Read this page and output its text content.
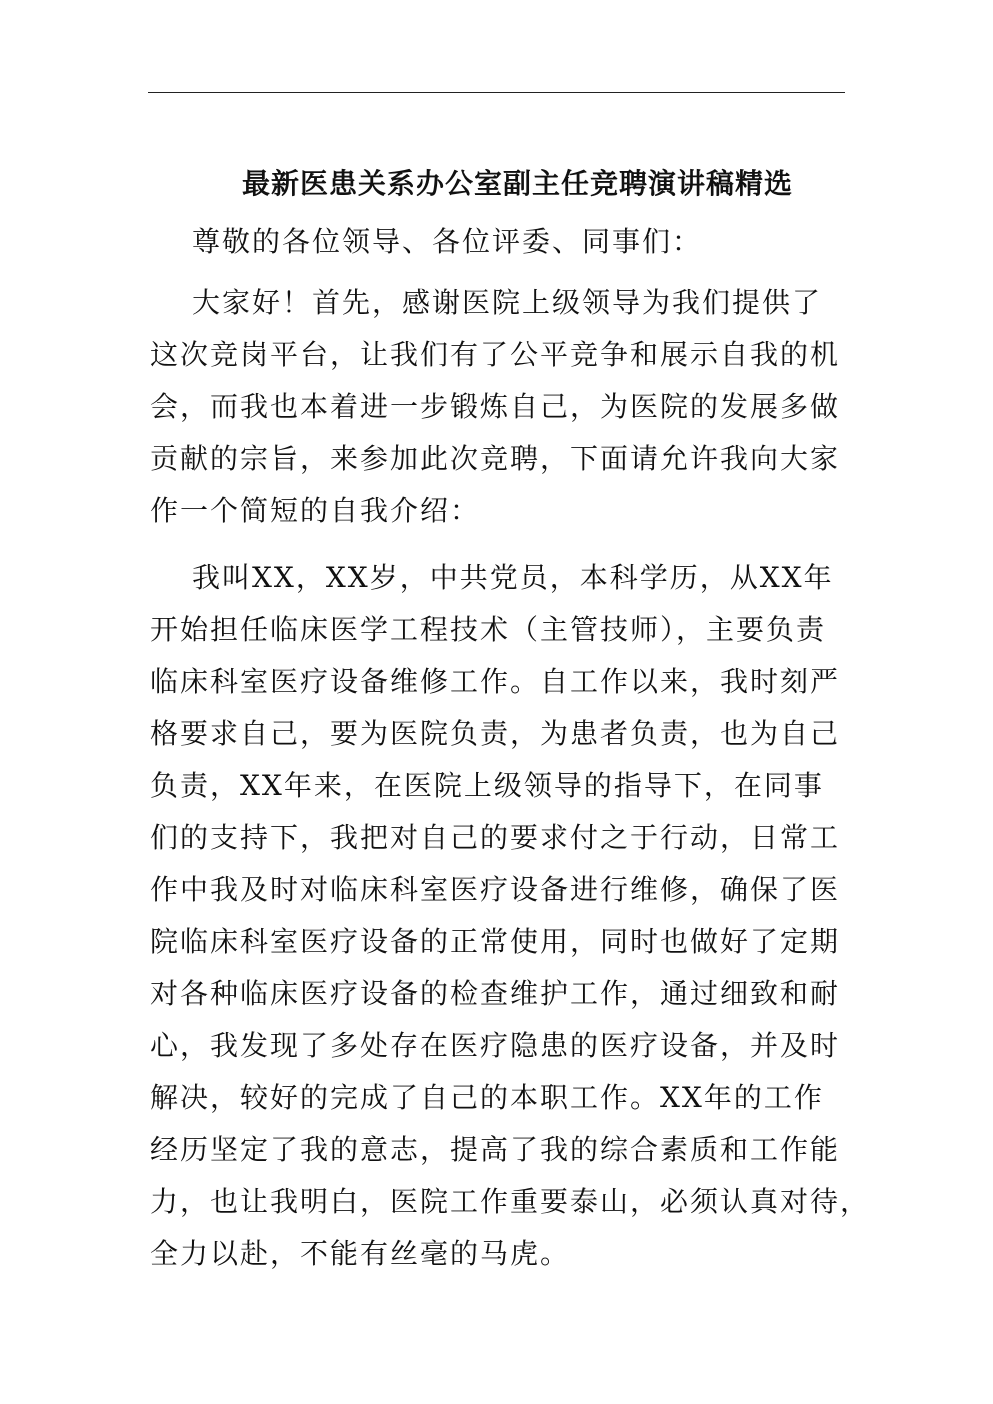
最新医患关系办公室副主任竞聘演讲稿精选
尊敬的各位领导、各位评委、同事们：
大家好！首先，感谢医院上级领导为我们提供了
这次竞岗平台，让我们有了公平竞争和展示自我的机
会，而我也本着进一步锻炼自己，为医院的发展多做
贡献的宗旨，来参加此次竞聘，下面请允许我向大家
作一个简短的自我介绍：
我叫XX，XX岁，中共党员，本科学历，从XX年
开始担任临床医学工程技术（主管技师），主要负责
临床科室医疗设备维修工作。自工作以来，我时刻严
格要求自己，要为医院负责，为患者负责，也为自己
负责，XX年来，在医院上级领导的指导下，在同事
们的支持下，我把对自己的要求付之于行动，日常工
作中我及时对临床科室医疗设备进行维修，确保了医
院临床科室医疗设备的正常使用，同时也做好了定期
对各种临床医疗设备的检查维护工作，通过细致和耐
心，我发现了多处存在医疗隐患的医疗设备，并及时
解决，较好的完成了自己的本职工作。XX年的工作
经历坚定了我的意志，提高了我的综合素质和工作能
力，也让我明白，医院工作重要泰山，必须认真对待，
全力以赴，不能有丝毫的马虎。
